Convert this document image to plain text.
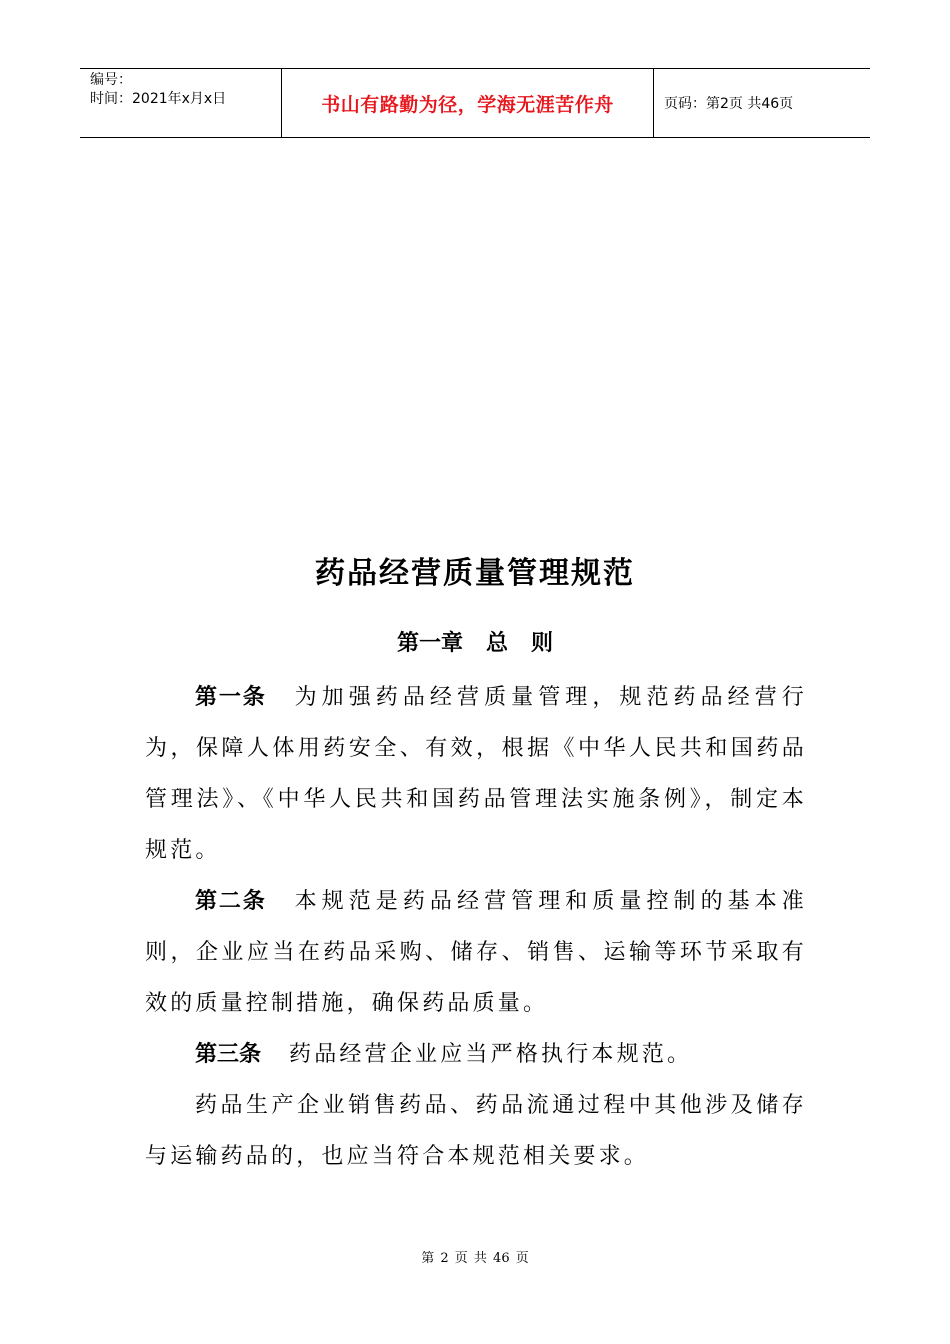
编号：
时间：2021年x月x日	书山有路勤为径，学海无涯苦作舟	页码：第2页 共46页
药品经营质量管理规范
第一章   总   则

第一条 为加强药品经营质量管理，规范药品经营行为，保障人体用药安全、有效，根据《中华人民共和国药品管理法》、《中华人民共和国药品管理法实施条例》，制定本规范。

第二条 本规范是药品经营管理和质量控制的基本准则，企业应当在药品采购、储存、销售、运输等环节采取有效的质量控制措施，确保药品质量。

第三条 药品经营企业应当严格执行本规范。

药品生产企业销售药品、药品流通过程中其他涉及储存与运输药品的，也应当符合本规范相关要求。

第 2 页 共 46 页
